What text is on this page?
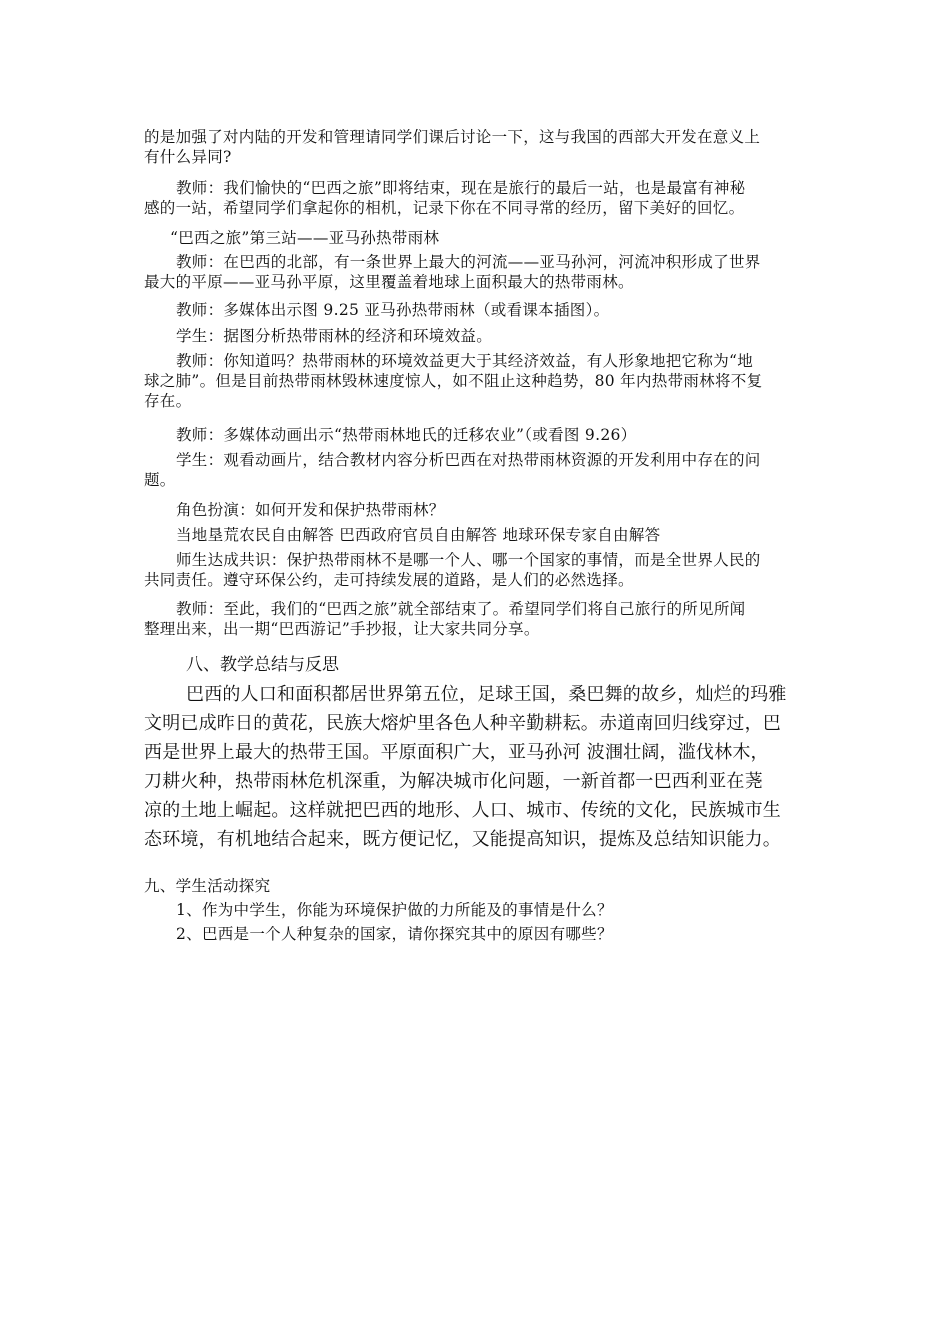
的是加强了对内陆的开发和管理请同学们课后讨论一下，这与我国的西部大开发在意义上
有什么异同?
教师：我们愉快的“巴西之旅”即将结束，现在是旅行的最后一站，也是最富有神秘
感的一站，希望同学们拿起你的相机，记录下你在不同寻常的经历，留下美好的回忆。
“巴西之旅”第三站——亚马孙热带雨林
教师：在巴西的北部，有一条世界上最大的河流——亚马孙河，河流冲积形成了世界
最大的平原——亚马孙平原，这里覆盖着地球上面积最大的热带雨林。
教师：多媒体出示图 9.25 亚马孙热带雨林（或看课本插图）。
学生：据图分析热带雨林的经济和环境效益。
教师：你知道吗？热带雨林的环境效益更大于其经济效益，有人形象地把它称为“地
球之肺”。但是目前热带雨林毁林速度惊人，如不阻止这种趋势，80 年内热带雨林将不复
存在。
教师：多媒体动画出示“热带雨林地氏的迁移农业”（或看图 9.26）
学生：观看动画片，结合教材内容分析巴西在对热带雨林资源的开发利用中存在的问
题。
角色扮演：如何开发和保护热带雨林？
当地垦荒农民自由解答 巴西政府官员自由解答 地球环保专家自由解答
师生达成共识：保护热带雨林不是哪一个人、哪一个国家的事情，而是全世界人民的
共同责任。遵守环保公约，走可持续发展的道路，是人们的必然选择。
教师：至此，我们的“巴西之旅”就全部结束了。希望同学们将自己旅行的所见所闻
整理出来，出一期“巴西游记”手抄报，让大家共同分享。
八、教学总结与反思
巴西的人口和面积都居世界第五位，足球王国，桑巴舞的故乡，灿烂的玛雅
文明已成昨日的黄花，民族大熔炉里各色人种辛勤耕耘。赤道南回归线穿过，巴
西是世界上最大的热带王国。平原面积广大，亚马孙河 波涠壮阔，滥伐林木，
刀耕火种，热带雨林危机深重，为解决城市化问题，一新首都一巴西利亚在荛
凉的土地上崛起。这样就把巴西的地形、人口、城市、传统的文化，民族城市生
态环境，有机地结合起来，既方便记忆，又能提高知识，提炼及总结知识能力。
九、学生活动探究
1、作为中学生，你能为环境保护做的力所能及的事情是什么？
2、巴西是一个人种复杂的国家，请你探究其中的原因有哪些？
